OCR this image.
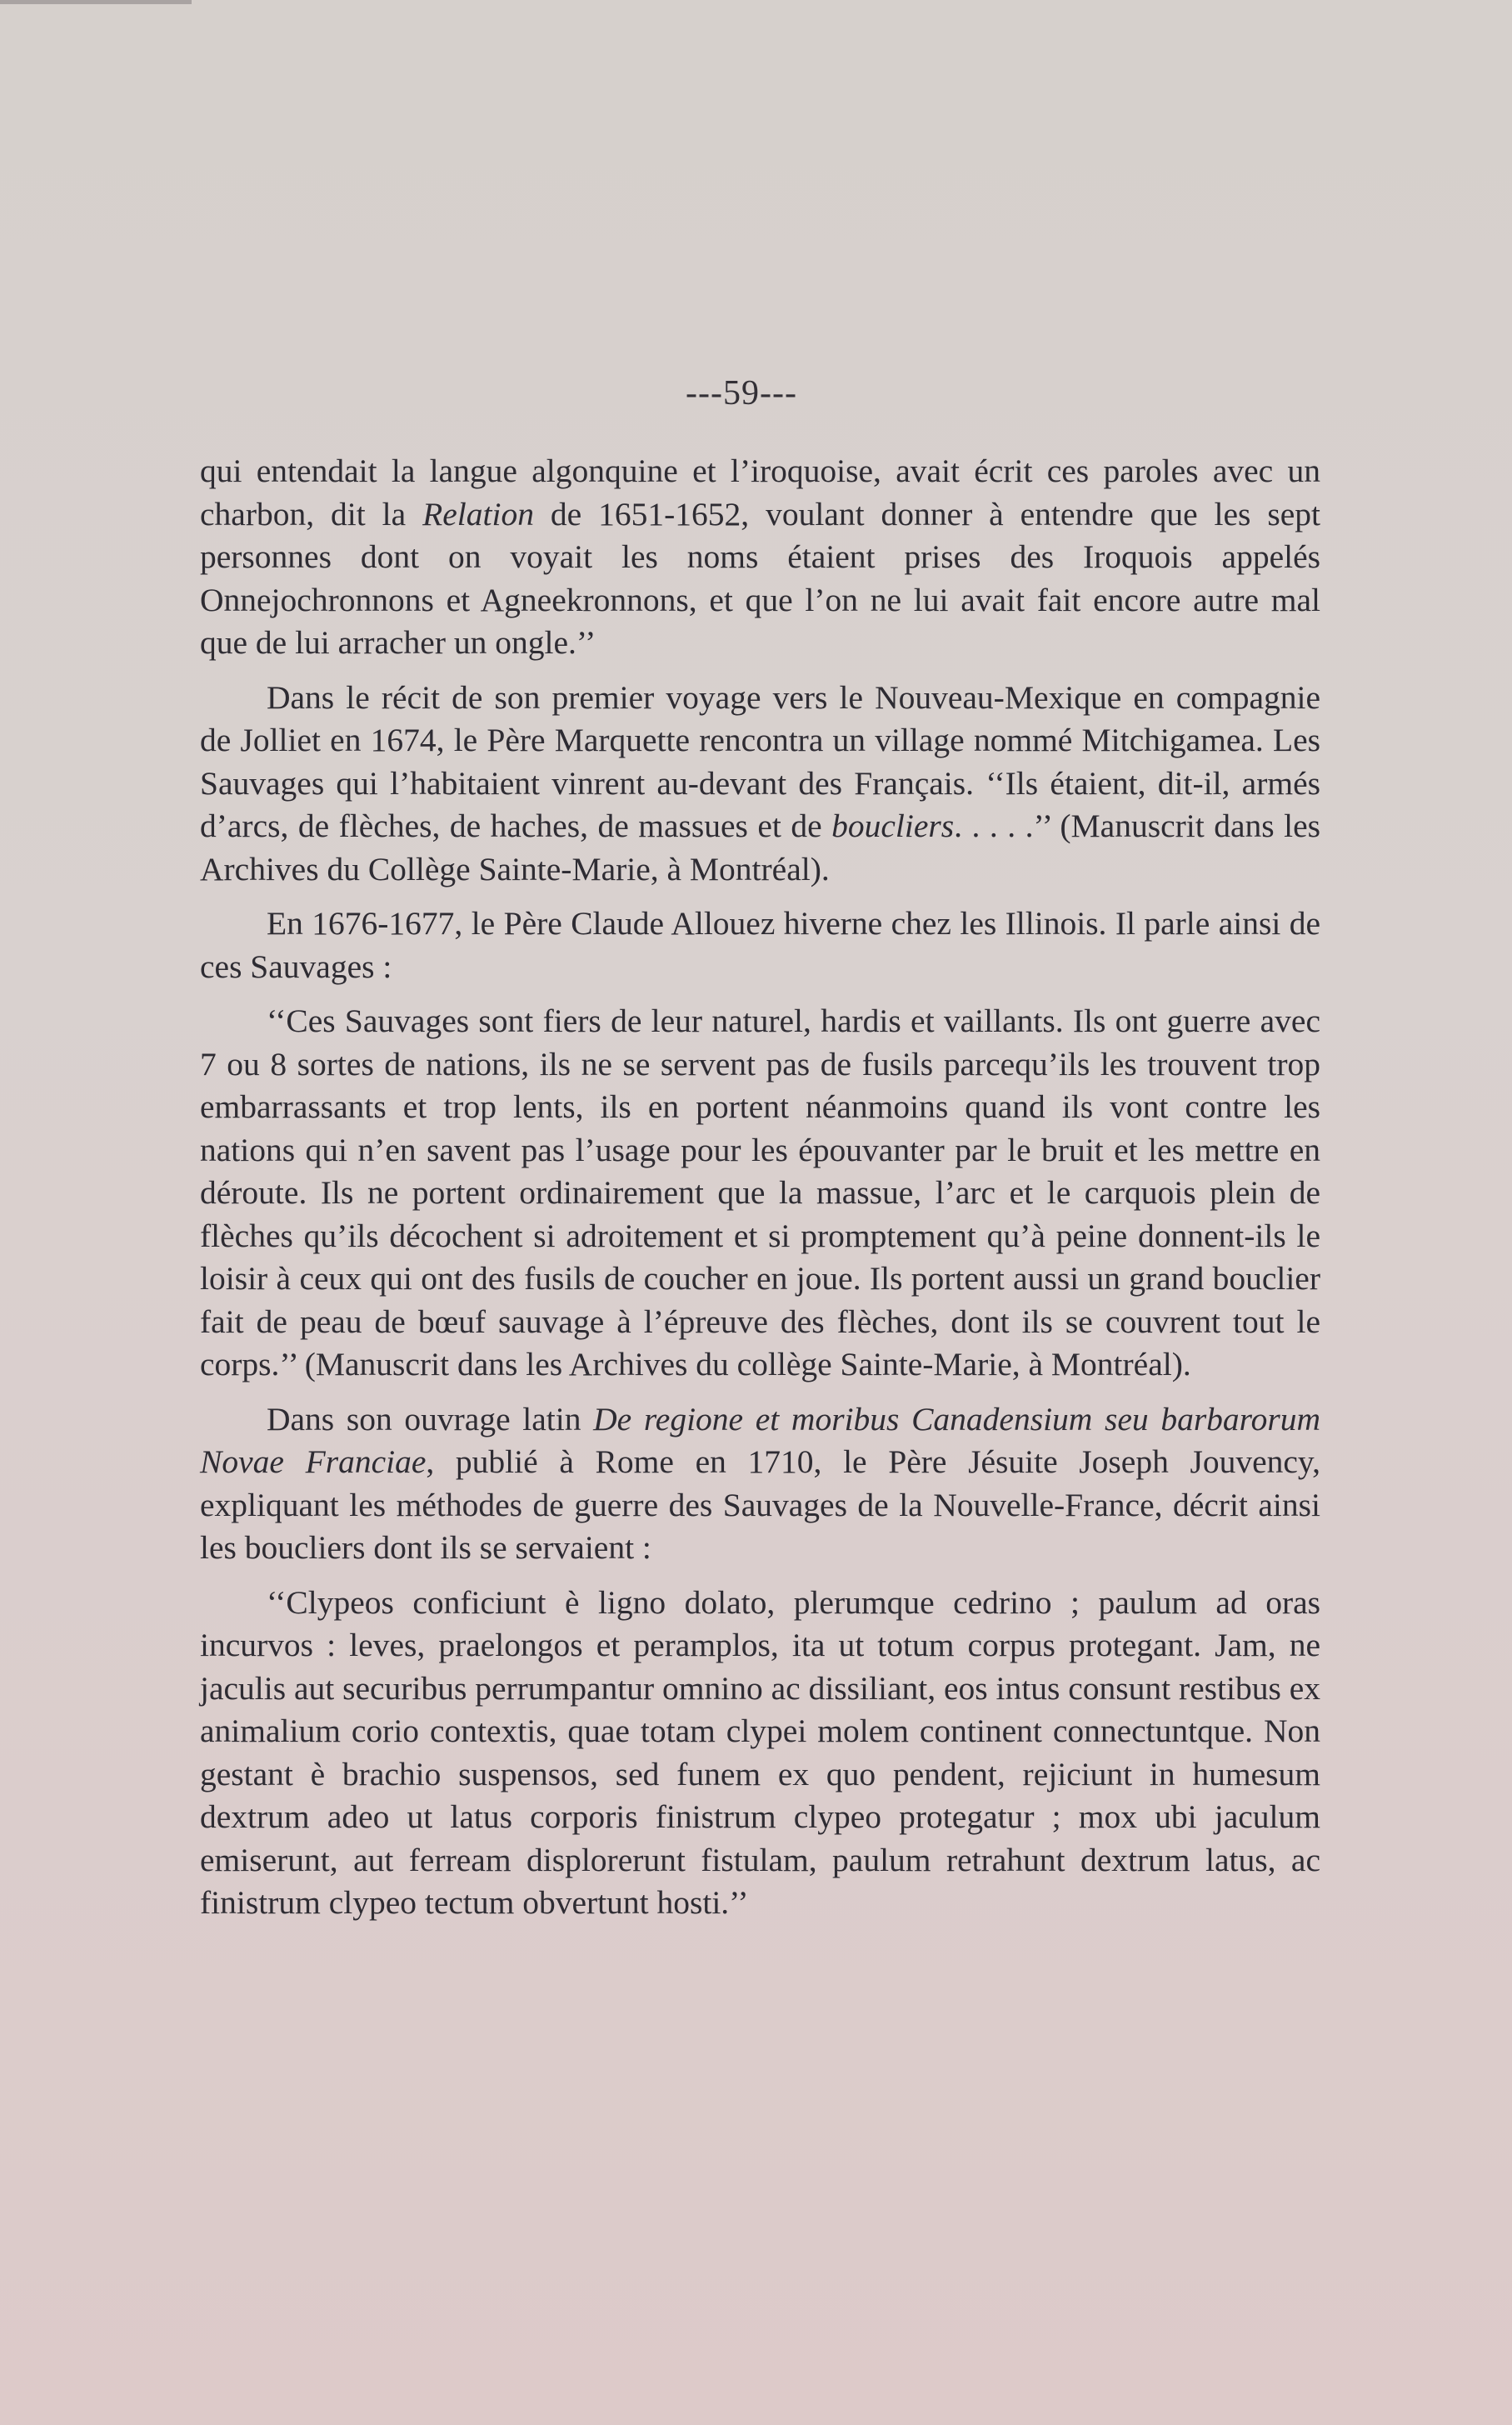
---59---

qui entendait la langue algonquine et l’iroquoise, avait écrit ces paroles avec un charbon, dit la Relation de 1651-1652, voulant donner à entendre que les sept personnes dont on voyait les noms étaient prises des Iroquois appelés Onnejochronnons et Agneekronnons, et que l’on ne lui avait fait encore autre mal que de lui arracher un ongle.’’

Dans le récit de son premier voyage vers le Nouveau-Mexique en compagnie de Jolliet en 1674, le Père Marquette rencontra un village nommé Mitchigamea. Les Sauvages qui l’habitaient vinrent au-devant des Français. ‘‘Ils étaient, dit-il, armés d’arcs, de flèches, de haches, de massues et de boucliers. . . . .’’ (Manuscrit dans les Archives du Collège Sainte-Marie, à Montréal).

En 1676-1677, le Père Claude Allouez hiverne chez les Illinois. Il parle ainsi de ces Sauvages :

‘‘Ces Sauvages sont fiers de leur naturel, hardis et vaillants. Ils ont guerre avec 7 ou 8 sortes de nations, ils ne se servent pas de fusils parcequ’ils les trouvent trop embarrassants et trop lents, ils en portent néanmoins quand ils vont contre les nations qui n’en savent pas l’usage pour les épouvanter par le bruit et les mettre en déroute. Ils ne portent ordinairement que la massue, l’arc et le carquois plein de flèches qu’ils décochent si adroitement et si promptement qu’à peine donnent-ils le loisir à ceux qui ont des fusils de coucher en joue. Ils portent aussi un grand bouclier fait de peau de bœuf sauvage à l’épreuve des flèches, dont ils se couvrent tout le corps.’’ (Manuscrit dans les Archives du collège Sainte-Marie, à Montréal).

Dans son ouvrage latin De regione et moribus Canadensium seu barbarorum Novae Franciae, publié à Rome en 1710, le Père Jésuite Joseph Jouvency, expliquant les méthodes de guerre des Sauvages de la Nouvelle-France, décrit ainsi les boucliers dont ils se servaient :

‘‘Clypeos conficiunt è ligno dolato, plerumque cedrino ; paulum ad oras incurvos : leves, praelongos et peramplos, ita ut totum corpus protegant. Jam, ne jaculis aut securibus perrumpantur omnino ac dissiliant, eos intus consunt restibus ex animalium corio contextis, quae totam clypei molem continent connectuntque. Non gestant è brachio suspensos, sed funem ex quo pendent, rejiciunt in humesum dextrum adeo ut latus corporis finistrum clypeo protegatur ; mox ubi jaculum emiserunt, aut ferream displorerunt fistulam, paulum retrahunt dextrum latus, ac finistrum clypeo tectum obvertunt hosti.’’
